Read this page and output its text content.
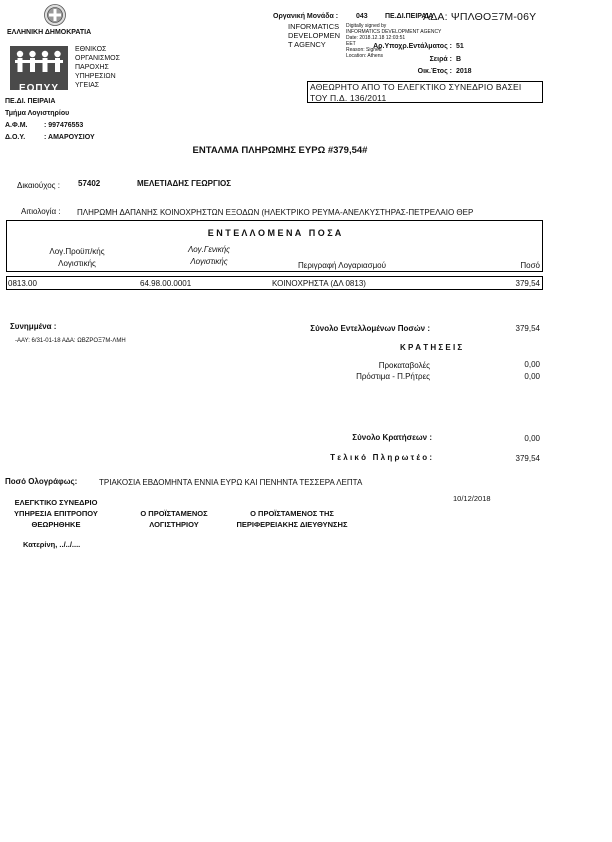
ΕΛΛΗΝΙΚΗ ΔΗΜΟΚΡΑΤΙΑ
ΕΟΠΥΥ
ΕΘΝΙΚΟΣ
ΟΡΓΑΝΙΣΜΟΣ
ΠΑΡΟΧΗΣ
ΥΠΗΡΕΣΙΩΝ
ΥΓΕΙΑΣ
Οργανική Μονάδα :	043 ΠΕ.ΔΙ.ΠΕΙΡΑΙΑ
ΑΔΑ: ΨΠΛΘΟΞ7Μ-06Υ
INFORMATICS
DEVELOPMEN
T AGENCY
Digitally signed by
INFORMATICS DEVELOPMENT AGENCY
Date: 2018.12.18 12:03:51
EET
Reason: Signed
Location: Athens
Αρ.Υποχρ.Εντάλματος : 51
Σειρά : Β
Οικ.Έτος : 2018
ΑΘΕΩΡΗΤΟ ΑΠΟ ΤΟ ΕΛΕΓΚΤΙΚΟ ΣΥΝΕΔΡΙΟ ΒΑΣΕΙ ΤΟΥ Π.Δ. 136/2011
ΠΕ.ΔΙ. ΠΕΙΡΑΙΑ
Τμήμα Λογιστηρίου
Α.Φ.Μ. : 997476553
Δ.Ο.Υ.	: ΑΜΑΡΟΥΣΙΟΥ
ΕΝΤΑΛΜΑ ΠΛΗΡΩΜΗΣ ΕΥΡΩ #379,54#
Δικαιούχος : 57402	ΜΕΛΕΤΙΑΔΗΣ ΓΕΩΡΓΙΟΣ
Αιτιολογία : ΠΛΗΡΩΜΗ ΔΑΠΑΝΗΣ ΚΟΙΝΟΧΡΗΣΤΩΝ ΕΞΟΔΩΝ (ΗΛΕΚΤΡΙΚΟ ΡΕΥΜΑ-ΑΝΕΛΚΥΣΤΗΡΑΣ-ΠΕΤΡΕΛΑΙΟ ΘΕΡ
Ε Ν Τ Ε Λ Λ Ο Μ Ε Ν Α   Π Ο Σ Α
Λογ.Προϋπ/κής
Λογιστικής
Λογ.Γενικής
Λογιστικής	Περιγραφή Λογαριασμού	Ποσό
0813.00	64.98.00.0001	ΚΟΙΝΟΧΡΗΣΤΑ (ΔΛ 0813)	379,54
Συνημμένα :
-ΑΑΥ: 6/31-01-18 ΑΔΑ: ΩΒΖΡΟΞ7Μ-ΛΜΗ
Σύνολο Εντελλομένων Ποσών :	379,54
Κ Ρ Α Τ Η Σ Ε Ι Σ
Προκαταβολές	0,00
Πρόστιμα - Π.Ρήτρες	0,00
Σύνολο Κρατήσεων :	0,00
Τ ε λ ι κ ό   Π λ η ρ ω τ έ ο :	379,54
Ποσό Ολογράφως:	ΤΡΙΑΚΟΣΙΑ ΕΒΔΟΜΗΝΤΑ ΕΝΝΙΑ ΕΥΡΩ ΚΑΙ ΠΕΝΗΝΤΑ ΤΕΣΣΕΡΑ ΛΕΠΤΑ
10/12/2018
ΕΛΕΓΚΤΙΚΟ ΣΥΝΕΔΡΙΟ
ΥΠΗΡΕΣΙΑ ΕΠΙΤΡΟΠΟΥ
ΘΕΩΡΗΘΗΚΕ
Ο ΠΡΟΪΣΤΑΜΕΝΟΣ
ΛΟΓΙΣΤΗΡΙΟΥ
Ο ΠΡΟΪΣΤΑΜΕΝΟΣ ΤΗΣ
ΠΕΡΙΦΕΡΕΙΑΚΗΣ ΔΙΕΥΘΥΝΣΗΣ
Κατερίνη, ../../....
